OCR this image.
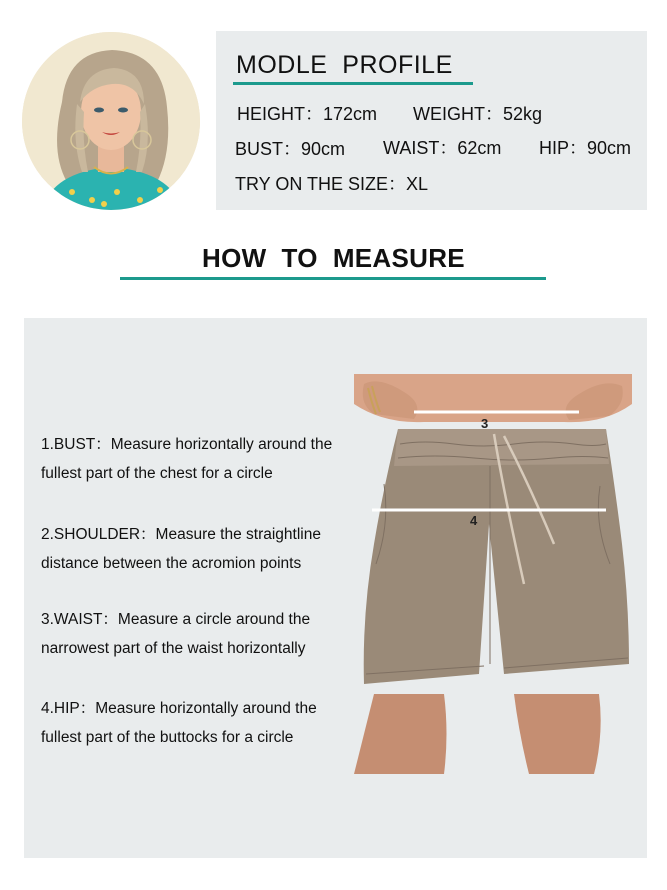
MODLE  PROFILE
HEIGHT：172cm WEIGHT：52kg
BUST：90cm WAIST：62cm HIP：90cm
TRY ON THE SIZE：XL
HOW  TO  MEASURE
1.BUST：Measure horizontally around the
fullest part of the chest for a circle
2.SHOULDER：Measure the straightline
distance between the acromion points
3.WAIST：Measure a circle around the
narrowest part of the waist horizontally
4.HIP：Measure horizontally around the
fullest part of the buttocks for a circle
3
4
